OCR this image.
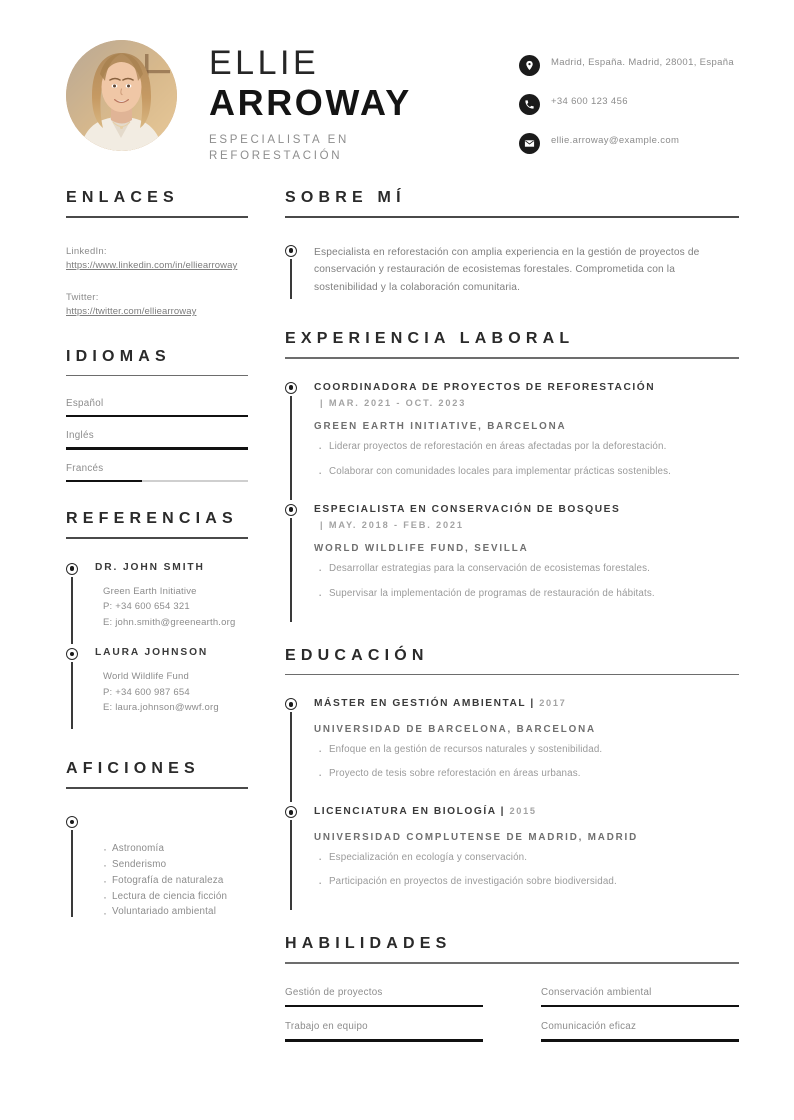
ELLIE
ARROWAY
ESPECIALISTA EN REFORESTACIÓN
Madrid, España. Madrid, 28001, España
+34 600 123 456
ellie.arroway@example.com
ENLACES
LinkedIn:
https://www.linkedin.com/in/elliearroway
Twitter:
https://twitter.com/elliearroway
IDIOMAS
Español
Inglés
Francés
REFERENCIAS
DR. JOHN SMITH
Green Earth Initiative
P: +34 600 654 321
E: john.smith@greenearth.org
LAURA JOHNSON
World Wildlife Fund
P: +34 600 987 654
E: laura.johnson@wwf.org
AFICIONES
· Astronomía
· Senderismo
· Fotografía de naturaleza
· Lectura de ciencia ficción
· Voluntariado ambiental
SOBRE MÍ
Especialista en reforestación con amplia experiencia en la gestión de proyectos de conservación y restauración de ecosistemas forestales. Comprometida con la sostenibilidad y la colaboración comunitaria.
EXPERIENCIA LABORAL
COORDINADORA DE PROYECTOS DE REFORESTACIÓN
| MAR. 2021 - OCT. 2023
GREEN EARTH INITIATIVE, BARCELONA
· Liderar proyectos de reforestación en áreas afectadas por la deforestación.
· Colaborar con comunidades locales para implementar prácticas sostenibles.
ESPECIALISTA EN CONSERVACIÓN DE BOSQUES
| MAY. 2018 - FEB. 2021
WORLD WILDLIFE FUND, SEVILLA
· Desarrollar estrategias para la conservación de ecosistemas forestales.
· Supervisar la implementación de programas de restauración de hábitats.
EDUCACIÓN
MÁSTER EN GESTIÓN AMBIENTAL | 2017
UNIVERSIDAD DE BARCELONA, BARCELONA
· Enfoque en la gestión de recursos naturales y sostenibilidad.
· Proyecto de tesis sobre reforestación en áreas urbanas.
LICENCIATURA EN BIOLOGÍA | 2015
UNIVERSIDAD COMPLUTENSE DE MADRID, MADRID
· Especialización en ecología y conservación.
· Participación en proyectos de investigación sobre biodiversidad.
HABILIDADES
Gestión de proyectos	Conservación ambiental
Trabajo en equipo	Comunicación eficaz
